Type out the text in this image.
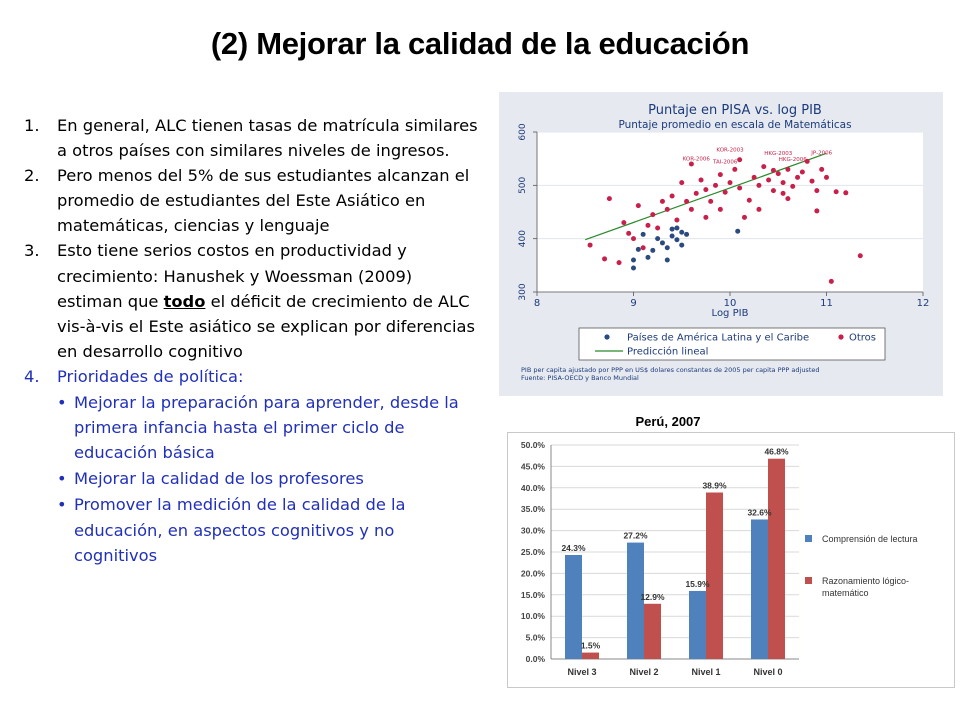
(2) Mejorar la calidad de la educación
1. En general, ALC tienen tasas de matrícula similares a otros países con similares niveles de ingresos.
2. Pero menos del 5% de sus estudiantes alcanzan el promedio de estudiantes del Este Asiático en matemáticas, ciencias y lenguaje
3. Esto tiene serios costos en productividad y crecimiento: Hanushek y Woessman (2009) estiman que todo el déficit de crecimiento de ALC vis-à-vis el Este asiático se explican por diferencias en desarrollo cognitivo
4. Prioridades de política:
• Mejorar la preparación para aprender, desde la primera infancia hasta el primer ciclo de educación básica
• Mejorar la calidad de los profesores
• Promover la medición de la calidad de la educación, en aspectos cognitivos y no cognitivos
Puntaje en PISA vs. log PIB
Puntaje promedio en escala de Matemáticas
300
400
500
600
8	9	10	11	12
KOR-2003
KOR-2006
TAI-2006
HKG-2003
HKG-2006
JP-2006
Log PIB
Países de América Latina y el Caribe	Otros
Predicción lineal
PIB per capita ajustado por PPP en US$ dolares constantes de 2005 per capita PPP adjusted
Fuente: PISA-OECD y Banco Mundial
Perú, 2007
0.0%
5.0%
10.0%
15.0%
20.0%
25.0%
30.0%
35.0%
40.0%
45.0%
50.0%
24.3%
1.5%
27.2%
12.9%
15.9%
38.9%
32.6%
46.8%
Nivel 3	Nivel 2	Nivel 1	Nivel 0
Comprensión de lectura
Razonamiento lógico-
matemático
